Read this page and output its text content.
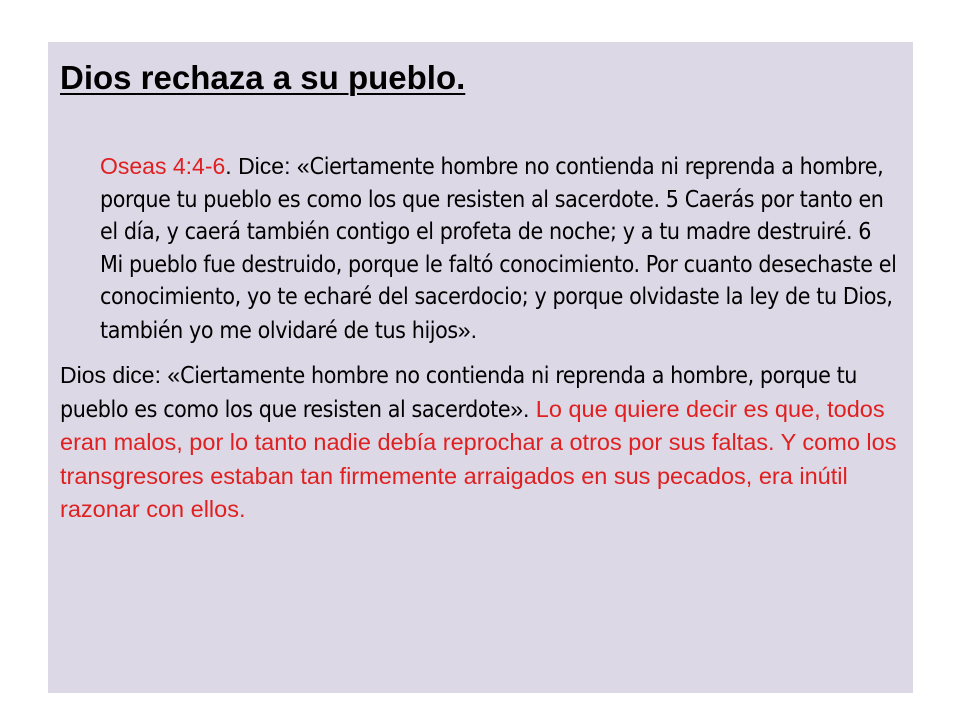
Dios rechaza a su pueblo.
Oseas 4:4-6. Dice: «Ciertamente hombre no contienda ni reprenda a hombre, porque tu pueblo es como los que resisten al sacerdote. 5 Caerás por tanto en el día, y caerá también contigo el profeta de noche; y a tu madre destruiré. 6 Mi pueblo fue destruido, porque le faltó conocimiento. Por cuanto desechaste el conocimiento, yo te echaré del sacerdocio; y porque olvidaste la ley de tu Dios, también yo me olvidaré de tus hijos».
Dios dice: «Ciertamente hombre no contienda ni reprenda a hombre, porque tu pueblo es como los que resisten al sacerdote». Lo que quiere decir es que, todos eran malos, por lo tanto nadie debía reprochar a otros por sus faltas. Y como los transgresores estaban tan firmemente arraigados en sus pecados, era inútil razonar con ellos.
